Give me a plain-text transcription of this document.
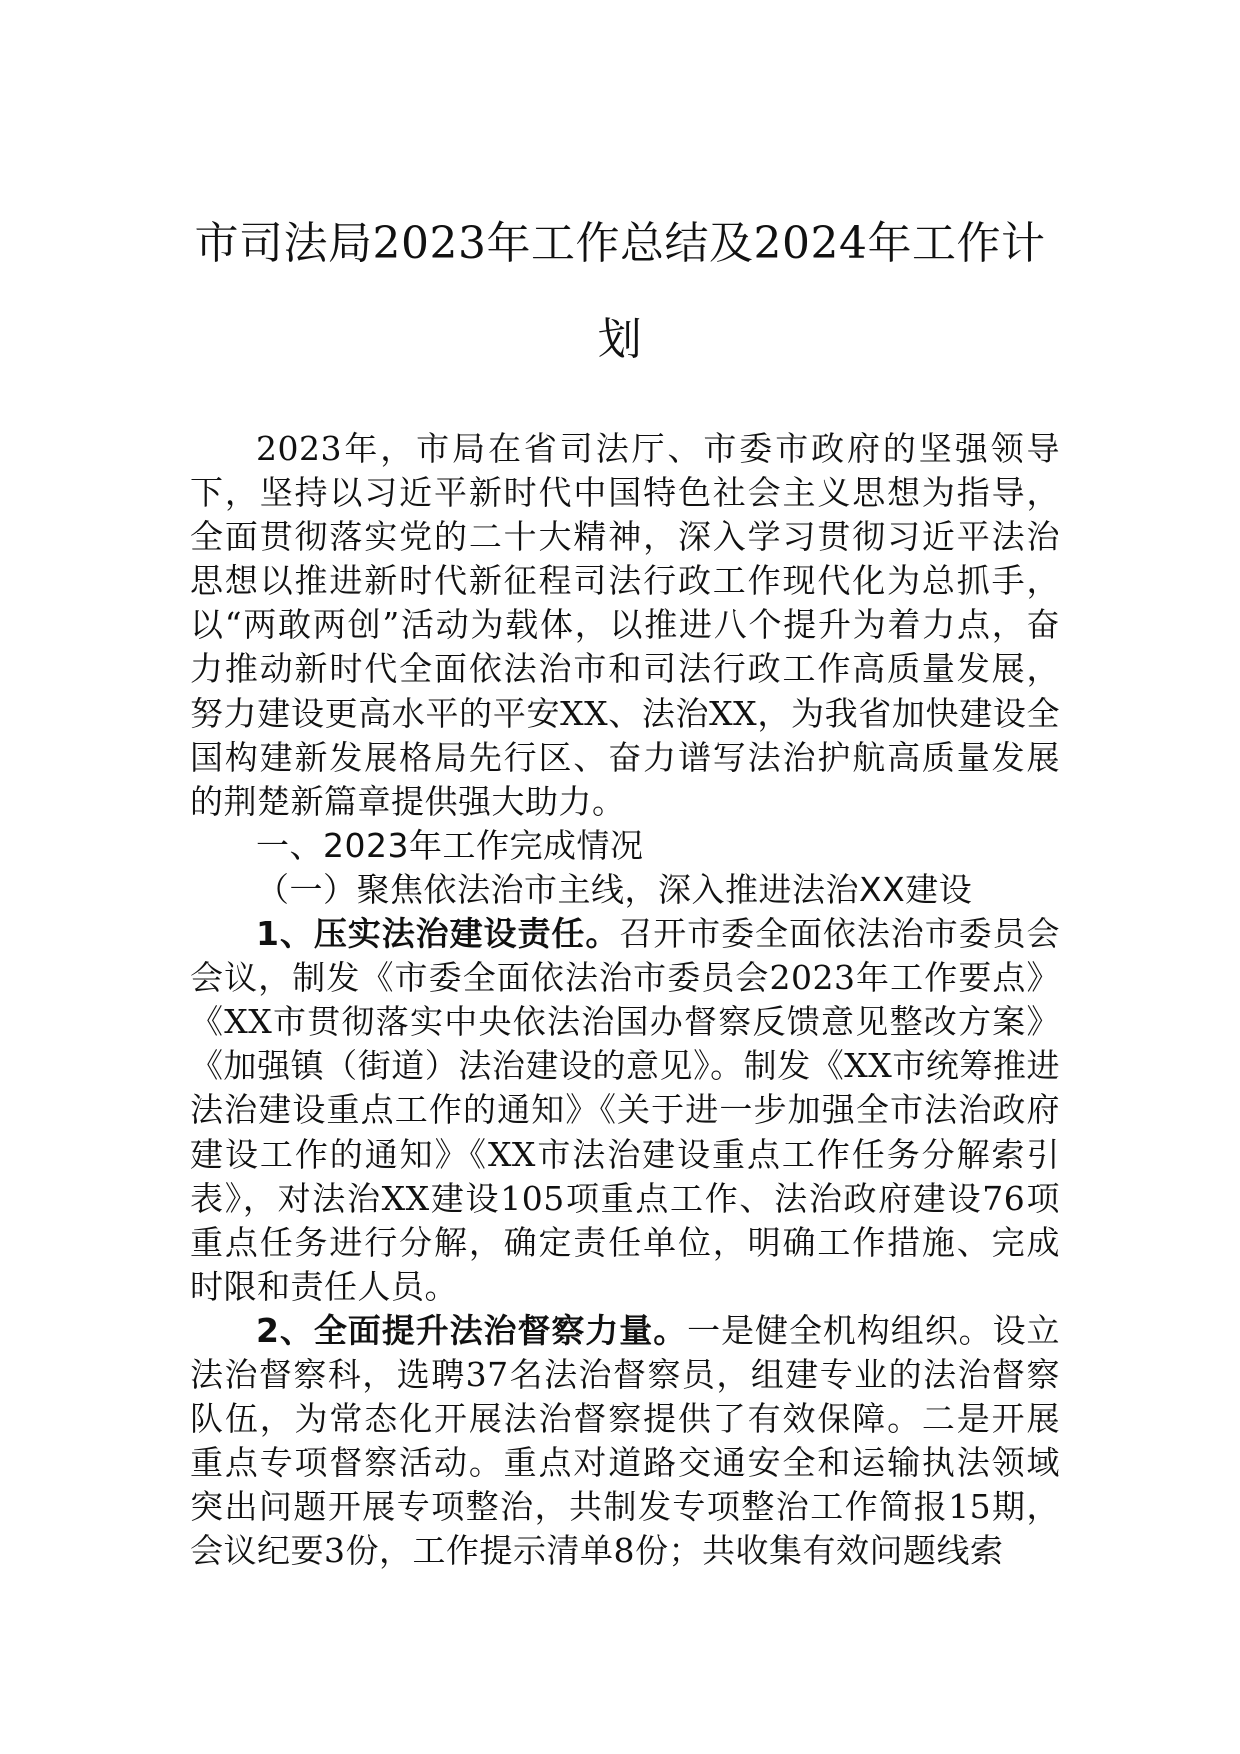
市司法局2023年工作总结及2024年工作计
划

2023年，市局在省司法厅、市委市政府的坚强领导下，坚持以习近平新时代中国特色社会主义思想为指导，全面贯彻落实党的二十大精神，深入学习贯彻习近平法治思想以推进新时代新征程司法行政工作现代化为总抓手，以“两敢两创”活动为载体，以推进八个提升为着力点，奋力推动新时代全面依法治市和司法行政工作高质量发展，努力建设更高水平的平安XX、法治XX，为我省加快建设全国构建新发展格局先行区、奋力谱写法治护航高质量发展的荆楚新篇章提供强大助力。

一、2023年工作完成情况

（一）聚焦依法治市主线，深入推进法治XX建设

1、压实法治建设责任。召开市委全面依法治市委员会会议，制发《市委全面依法治市委员会2023年工作要点》《XX市贯彻落实中央依法治国办督察反馈意见整改方案》《加强镇（街道）法治建设的意见》。制发《XX市统筹推进法治建设重点工作的通知》《关于进一步加强全市法治政府建设工作的通知》《XX市法治建设重点工作任务分解索引表》，对法治XX建设105项重点工作、法治政府建设76项重点任务进行分解，确定责任单位，明确工作措施、完成时限和责任人员。

2、全面提升法治督察力量。一是健全机构组织。设立法治督察科，选聘37名法治督察员，组建专业的法治督察队伍，为常态化开展法治督察提供了有效保障。二是开展重点专项督察活动。重点对道路交通安全和运输执法领域突出问题开展专项整治，共制发专项整治工作简报15期，会议纪要3份，工作提示清单8份；共收集有效问题线索
